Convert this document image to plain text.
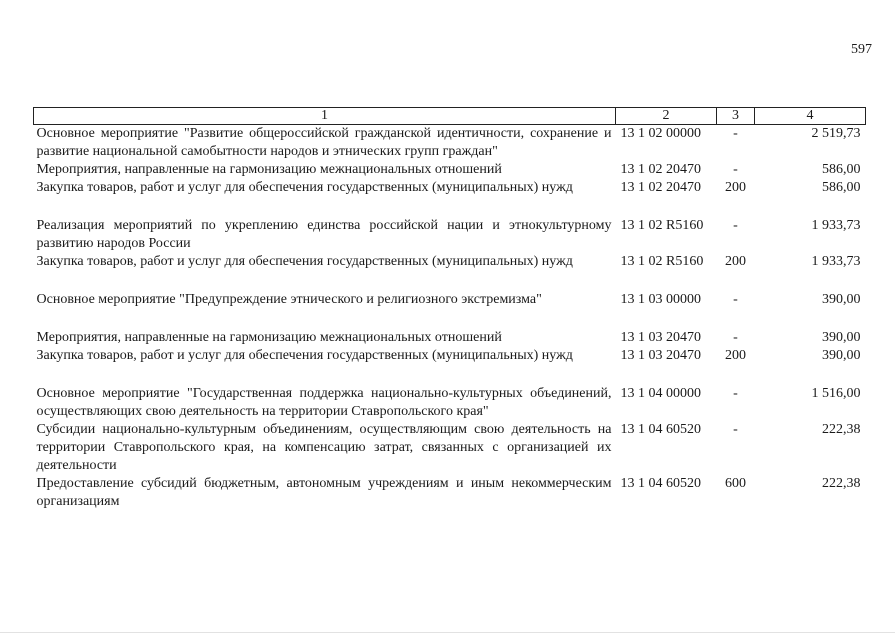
597
1	2	3	4
Основное мероприятие "Развитие общероссийской гражданской идентичности, сохранение и развитие национальной самобытности народов и этнических групп граждан"	13 1 02 00000	-	2 519,73
Мероприятия, направленные на гармонизацию межнациональных отношений	13 1 02 20470	-	586,00
Закупка товаров, работ и услуг для обеспечения государственных (муниципальных) нужд	13 1 02 20470	200	586,00
Реализация мероприятий по укреплению единства российской нации и этнокультурному развитию народов России	13 1 02 R5160	-	1 933,73
Закупка товаров, работ и услуг для обеспечения государственных (муниципальных) нужд	13 1 02 R5160	200	1 933,73
Основное мероприятие "Предупреждение этнического и религиозного экстремизма"	13 1 03 00000	-	390,00
Мероприятия, направленные на гармонизацию межнациональных отношений	13 1 03 20470	-	390,00
Закупка товаров, работ и услуг для обеспечения государственных (муниципальных) нужд	13 1 03 20470	200	390,00
Основное мероприятие "Государственная поддержка национально-культурных объединений, осуществляющих свою деятельность на территории Ставропольского края"	13 1 04 00000	-	1 516,00
Субсидии национально-культурным объединениям, осуществляющим свою деятельность на территории Ставропольского края, на компенсацию затрат, связанных с организацией их деятельности	13 1 04 60520	-	222,38
Предоставление субсидий бюджетным, автономным учреждениям и иным некоммерческим организациям	13 1 04 60520	600	222,38
